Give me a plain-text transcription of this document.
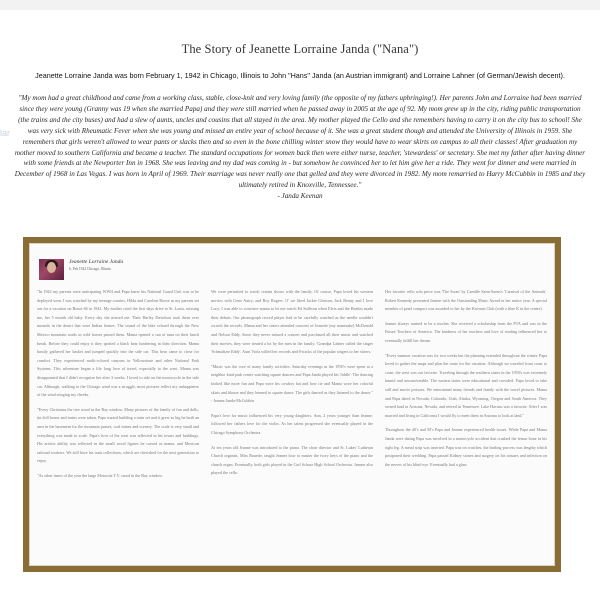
lar
The Story of Jeanette Lorraine Janda ("Nana")
Jeanette Lorraine Janda was born February 1, 1942 in Chicago, Illinois to John "Hans" Janda (an Austrian immigrant) and Lorraine Lahner (of German/Jewish decent).
"My mom had a great childhood and came from a working class, stable, close-knit and very loving family (the opposite of my fathers upbringing!). Her parents John and Lorraine had been married since they were young (Granny was 19 when she married Papa) and they were still married when he passed away in 2005 at the age of 92. My mom grew up in the city, riding public transportation (the trains and the city buses) and had a slew of aunts, uncles and cousins that all stayed in the area. My mother played the Cello and she remembers having to carry it on the city bus to school! She was very sick with Rheumatic Fever when she was young and missed an entire year of school because of it. She was a great student though and attended the University of Illinois in 1959. She remembers that girls weren't allowed to wear pants or slacks then and so even in the bone chilling winter snow they would have to wear skirts on campus to all their classes! After graduation my mother moved to southern California and became a teacher. The standard occupations for women back then were either nurse, teacher, 'stewardess' or secretary. She met my father after having dinner with some friends at the Newporter Inn in 1968. She was leaving and my dad was coming in - but somehow he convinced her to let him give her a ride. They went for dinner and were married in December of 1968 in Las Vegas. I was born in April of 1969. Their marriage was never really one that gelled and they were divorced in 1982. My mom remarried to Harry McCubbin in 1985 and they ultimately retired in Knoxville, Tennessee."
- Janda Keenan
Jeanette Lorraine Janda
b. Feb 1942 Chicago, Illinois

"In 1942 my parents were anticipating WWII and Papa knew his National Guard Unit was to be deployed soon. I was watched by my teenage cousins, Hilda and Caroline Boose as my parents set out for a vacation on Route 66 in 1942. My mother cried the first days drive to St. Louis, missing me, her 5 month old baby. Every day she missed me. Their Harley Davidson took them over mounds in the desert that were Indian homes. The sound of the bike echoed through the New Mexico mountain roads as wild horses passed them. Mama opened a can of tuna on their lunch break. Before they could enjoy it they spotted a black bear lumbering in their direction. Mama hastily gathered her basket and jumped quickly into the side car. This bear came to close for comfort. They experienced multi-colored canyons in Yellowstone and other National Park Systems. This adventure began a life long love of travel, especially to the west. Mama was disappointed that I didn't recognize her after 3 weeks. I loved to ride on the motorcycle in the side car. Although, walking to the Chicago wind was a struggle, most pictures reflect my unhappiness of the wind stinging my cheeks.

"Every Christmas the tree stood in the Bay window. Many pictures of the family of fun and dolls, tin doll house and trains were taken. Papa started building a train set and it grew as big he built an area in the basement for the mountain passes, coal mines and scenery. The scale is very small and everything was made to scale. Papa's love of the west was reflected in his towns and buildings. His artistic ability was reflected in the small wood figures he carved as mama, and Mexican railroad workers. We still have his train collections, which are cherished for the next generation to enjoy.

"As other times of the year the large Motorola T.V. stood in the Bay window.

We were permitted to watch certain shows with the family. Of course, Papa loved his western movies with Gene Autry, and Roy Rogers. O' we liked Jackie Gleason, Jack Benny and I love Lucy. I was able to convince mama to let me watch Ed Sullivan when Elvis and the Beatles made their debuts. Our phonograph record player had to be carefully watched as the needle wouldn't scratch the records. Mama and her sisters attended concerts of Jeanette (my namesake) McDonald and Nelson Eddy. Since they never missed a concert and purchased all their music and watched their movies, they were treated a lot by the men in the family. 'Grandpa Lahner called the singer 'Schmaltzie Eddy'. Aunt Viola willed her records and 8-tracks of the popular singers to her sisters.

"Music was the core of many family activities. Saturday evenings in the 1950's were spent at a neighbor kind park center watching square dancers and Papa Janda played his 'fiddle'. The dancing looked like more fun and Papa wore his cowboy hat and bow tie and Mama wore her colorful skirts and blouse and they learned to square dance. The girls danced as they listened to the dance." - Jeanne Janda-McCubbin

Papa's love for music influenced his very young daughters. Ann, 2 years younger than Jeanne, followed her fathers love for the violin. As her talent progressed she eventually played in the Chicago Symphony Orchestra.

At ten years old Jeanne was introduced to the piano. The choir director and St. Lukes' Lutheran Church organist, Miss Bauerle, taught Jeanne how to master the ivory keys of the piano and the church organ. Eventually, both girls played in the Carl Schurz High School Orchestra. Jeanne also played the cello.

Her favorite cello solo piece was 'The Swan' by Camille Saint-Saens's 'Carnival of the Animals'. Robert Kennedy presented Jeanne with the Outstanding Music Award in her senior year. A special member of pearl compact was awarded to her by the Kiwanis Club (with a blue K in the center).

Jeanne always wanted to be a teacher. She received a scholarship from the PTA and was in the Future Teachers of America. The kindness of her teachers and love of reading influenced her to eventually fulfill her dream.

"Every summer vacation was for two weeks but the planning extended throughout the winter. Papa loved to gather the maps and plan the route for the vacation. Although we traveled from coast to coast, the west was our favorite. Traveling through the southern states in the 1950's was extremely humid and uncomfortable. The eastern states were educational and crowded. Papa loved to take still and movie pictures. We entertained many friends and family with the travel pictures. Mama and Papa dated in Nevada, Colorado, Utah, Alaska, Wyoming, Oregon and South America. They owned land in Arizona, Nevada, and retired in Tennessee. Lake Havasu was a favorite. After I was married and living in California I would fly to meet them in Arizona to look at land."

Throughout the 40's and 50's Papa and Jeanne experienced health issues. While Papa and Mama Janda were dating Papa was involved in a motorcycle accident that crushed the femur bone in his right leg. A metal strip was inserted. Papa was on crutches, the healing process was lengthy which postponed their wedding. Papa passed Kidney stones and surgery on his sinuses and infection on the nerves of his blind eye. Eventually had a glass
